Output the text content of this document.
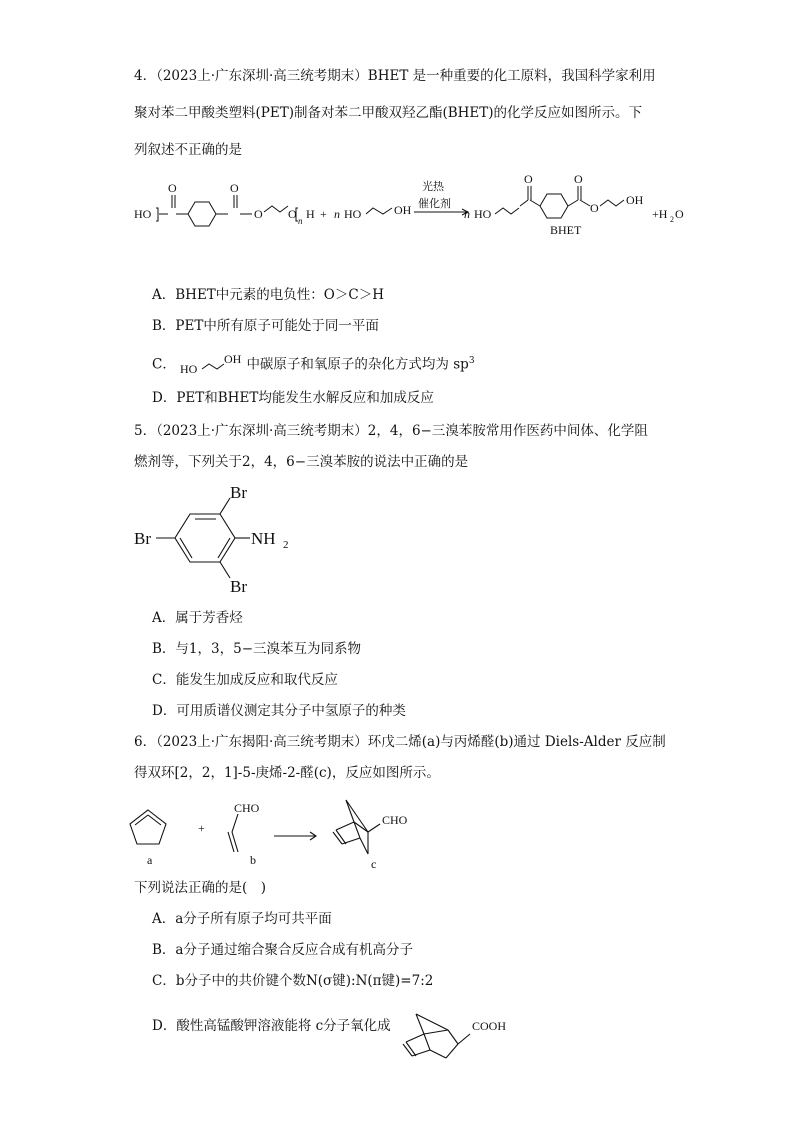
4．（2023上·广东深圳·高三统考期末）BHET 是一种重要的化工原料，我国科学家利用
聚对苯二甲酸类塑料(PET)制备对苯二甲酸双羟乙酯(BHET)的化学反应如图所示。下
列叙述不正确的是
HO
O	O
O O n H + n HO	OH
光热
催化剂
n HO
O	O
O
OH
BHET
+H 2 O
A．BHET中元素的电负性：O＞C＞H
B．PET中所有原子可能处于同一平面
C． HO
OH 中碳原子和氧原子的杂化方式均为 $sp^3$
D．PET和BHET均能发生水解反应和加成反应
5．（2023上·广东深圳·高三统考期末）2，4，6−三溴苯胺常用作医药中间体、化学阻
燃剂等，下列关于2，4，6−三溴苯胺的说法中正确的是
Br
Br
Br
NH 2
A．属于芳香烃
B．与1，3，5−三溴苯互为同系物
C．能发生加成反应和取代反应
D．可用质谱仪测定其分子中氢原子的种类
6．（2023上·广东揭阳·高三统考期末）环戊二烯(a)与丙烯醛(b)通过 Diels-Alder 反应制
得双环[2，2，1]-5-庚烯-2-醛(c)，反应如图所示。
CHO
CHO
+
a	b	c
下列说法正确的是(　)
A．a分子所有原子均可共平面
B．a分子通过缩合聚合反应合成有机高分子
C．b分子中的共价键个数N(σ键):N(π键)=7:2
D．酸性高锰酸钾溶液能将 c分子氧化成	COOH
